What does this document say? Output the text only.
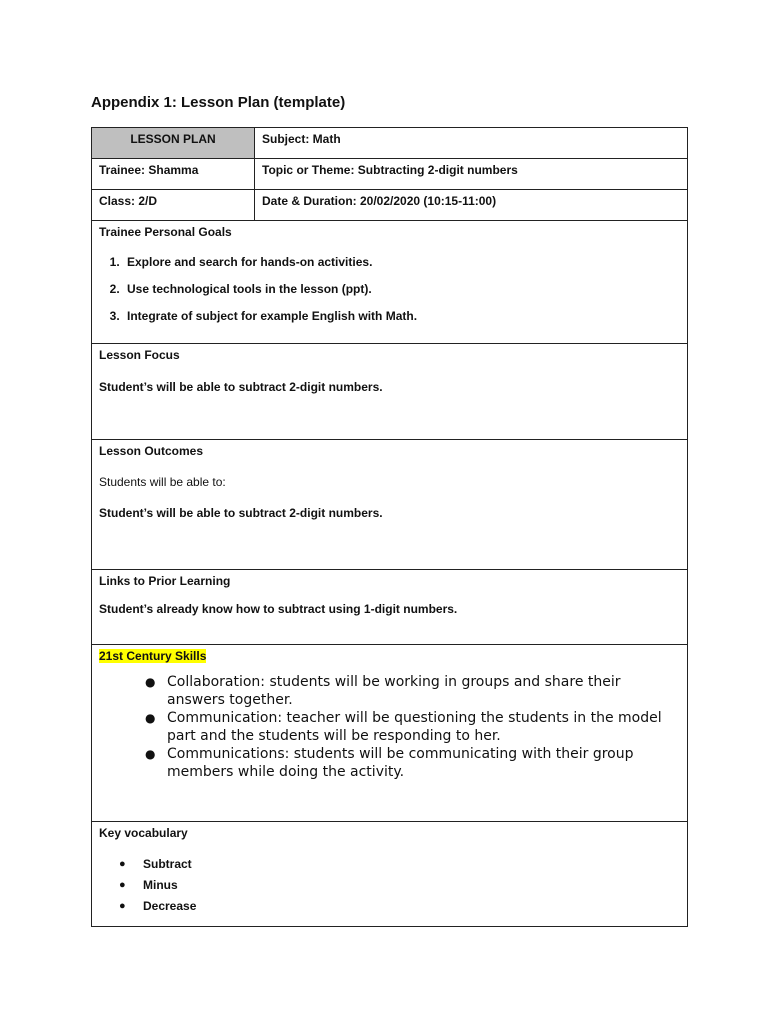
Appendix 1: Lesson Plan (template)
LESSON PLAN	Subject: Math
Trainee: Shamma	Topic or Theme: Subtracting 2-digit numbers
Class: 2/D	Date & Duration: 20/02/2020 (10:15-11:00)

Trainee Personal Goals

1. Explore and search for hands-on activities.
2. Use technological tools in the lesson (ppt).
3. Integrate of subject for example English with Math.

Lesson Focus

Student’s will be able to subtract 2-digit numbers.

Lesson Outcomes

Students will be able to:

Student’s will be able to subtract 2-digit numbers.

Links to Prior Learning

Student’s already know how to subtract using 1-digit numbers.

21st Century Skills
● Collaboration: students will be working in groups and share their answers together.
● Communication: teacher will be questioning the students in the model part and the students will be responding to her.
● Communications: students will be communicating with their group members while doing the activity.

Key vocabulary

● Subtract
● Minus
● Decrease
